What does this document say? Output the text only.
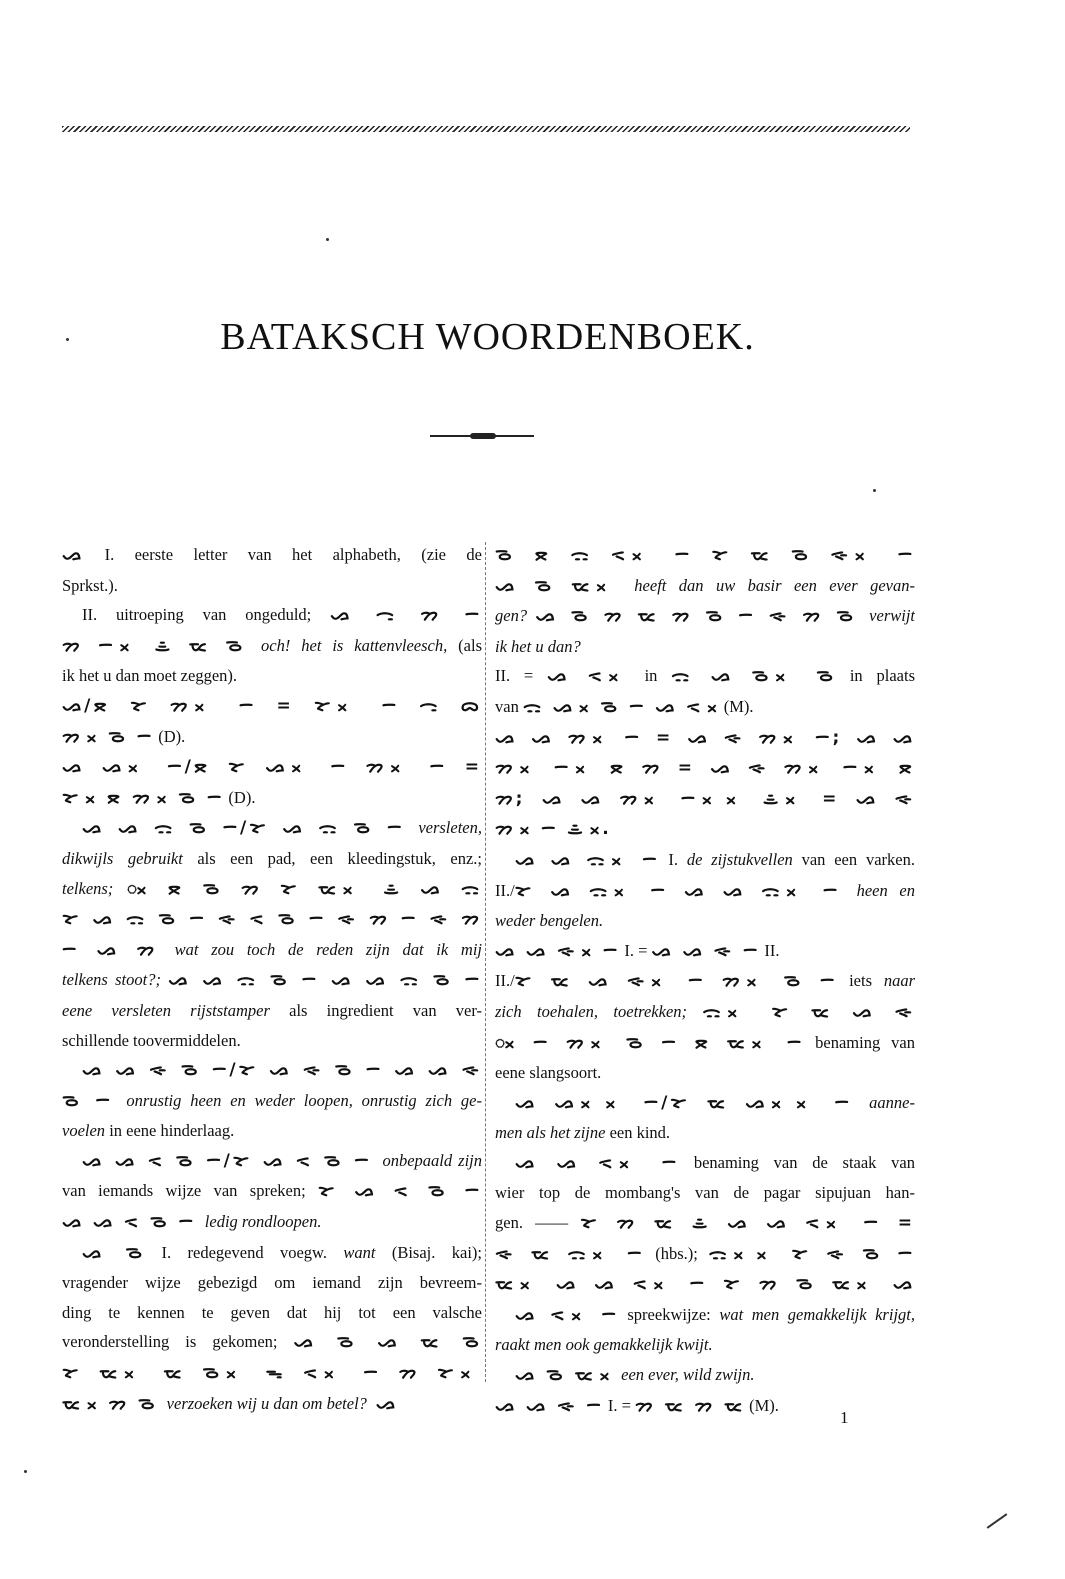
BATAKSCH WOORDENBOEK.
ᯀ I. eerste letter van het alphabeth, (zie de
Sprkst.).
II. uitroeping van ongeduld; ᯀ ᯏ ᯂ ᯇ
ᯂ ᯇ ᯬ ᯥ ᯔ ᯉ och! het is kattenvleesch, (als
ik het u dan moet zeggen).
ᯀ/ᯖ ᯘ ᯂ ᯬ ᯇ = ᯘ ᯬ ᯇ ᯏ ᯅ
ᯂ ᯬ ᯉ ᯇ (D).
ᯀ ᯀ ᯬ ᯇ/ᯖ ᯘ ᯀ ᯬ ᯇ ᯂ ᯬ ᯇ =
ᯘ ᯬ ᯖ ᯂ ᯬ ᯉ ᯇ (D).
ᯀ ᯀ ᯃ ᯉ ᯇ/ᯘ ᯀ ᯃ ᯉ ᯇ versleten,
dikwijls gebruikt als een pad, een kleedingstuk, enz.;
telkens; ᯬ ᯖ ᯉ ᯂ ᯘ ᯔ ᯬ ᯥ ᯀ ᯃ
ᯘ ᯀ ᯃ ᯉ ᯇ ᯐ ᯑ ᯉ ᯇ ᯐ ᯂ ᯇ ᯐ ᯂ
ᯇ ᯀ ᯂ wat zou toch de reden zijn dat ik mij
telkens stoot?; ᯀ ᯀ ᯃ ᯉ ᯇ ᯀ ᯀ ᯃ ᯉ ᯇ
eene versleten rijststamper als ingredient van ver-
schillende toovermiddelen.
ᯀ ᯀ ᯐ ᯉ ᯇ/ᯘ ᯀ ᯐ ᯉ ᯇ ᯀ ᯀ ᯐ
ᯉ ᯇ onrustig heen en weder loopen, onrustig zich ge-
voelen in eene hinderlaag.
ᯀ ᯀ ᯑ ᯉ ᯇ/ᯘ ᯀ ᯑ ᯉ ᯇ onbepaald zijn
van iemands wijze van spreken; ᯘ ᯀ ᯑ ᯉ ᯇ
ᯀ ᯀ ᯑ ᯉ ᯇ ledig rondloopen.
ᯀ ᯉ I. redegevend voegw. want (Bisaj. kai);
vragender wijze gebezigd om iemand zijn bevreem-
ding te kennen te geven dat hij tot een valsche
veronderstelling is gekomen; ᯀ ᯉ ᯀ ᯔ ᯉ
ᯘ ᯔ ᯬ ᯔ ᯉ ᯬ ᯓ ᯑ ᯬ ᯇ ᯂ ᯘ ᯬ
ᯔ ᯬ ᯂ ᯉ verzoeken wij u dan om betel? ᯀ
ᯉ ᯖ ᯃ ᯑ ᯬ ᯇ ᯘ ᯔ ᯉ ᯐ ᯬ ᯇ
ᯀ ᯉ ᯔ ᯬ heeft dan uw basir een ever gevan-
gen? ᯀ ᯉ ᯂ ᯔ ᯂ ᯉ ᯇ ᯐ ᯂ ᯉ verwijt
ik het u dan?
II. = ᯀ ᯑ ᯬ in ᯃ ᯀ ᯉ ᯬ ᯉ in plaats
van ᯃ ᯀ ᯬ ᯉ ᯇ ᯀ ᯑ ᯬ (M).
ᯀ ᯀ ᯂ ᯬ ᯇ = ᯀ ᯐ ᯂ ᯬ ᯇ; ᯀ ᯀ
ᯂ ᯬ ᯇ ᯬ ᯖ ᯂ = ᯀ ᯐ ᯂ ᯬ ᯇ ᯬ ᯖ
ᯂ; ᯀ ᯀ ᯂ ᯬ ᯇ ᯬ ᯬ ᯥ ᯬ = ᯀ ᯐ
ᯂ ᯬ ᯇ ᯥ ᯬ.
ᯀ ᯀ ᯃ ᯬ ᯇ I. de zijstukvellen van een varken.
II./ᯘ ᯀ ᯃ ᯬ ᯇ ᯀ ᯀ ᯃ ᯬ ᯇ heen en
weder bengelen.
ᯀ ᯀ ᯐ ᯬ ᯇ I. = ᯀ ᯀ ᯐ ᯇ II.
II./ᯘ ᯔ ᯀ ᯐ ᯬ ᯇ ᯂ ᯬ ᯉ ᯇ iets naar
zich toehalen, toetrekken; ᯃ ᯬ ᯘ ᯔ ᯀ ᯐ
ᯬ ᯇ ᯂ ᯬ ᯉ ᯇ ᯖ ᯔ ᯬ ᯇ benaming van
eene slangsoort.
ᯀ ᯀ ᯬ ᯬ ᯇ/ᯘ ᯔ ᯀ ᯬ ᯬ ᯇ aanne-
men als het zijne een kind.
ᯀ ᯀ ᯑ ᯬ ᯇ benaming van de staak van
wier top de mombang's van de pagar sipujuan han-
gen. —— ᯘ ᯂ ᯔ ᯥ ᯀ ᯀ ᯑ ᯬ ᯇ =
ᯐ ᯔ ᯃ ᯬ ᯇ (hbs.); ᯃ ᯬ ᯬ ᯘ ᯐ ᯉ ᯇ
ᯔ ᯬ ᯀ ᯀ ᯑ ᯬ ᯇ ᯘ ᯂ ᯉ ᯔ ᯬ ᯀ
ᯀ ᯑ ᯬ ᯇ spreekwijze: wat men gemakkelijk krijgt,
raakt men ook gemakkelijk kwijt.
ᯀ ᯉ ᯔ ᯬ een ever, wild zwijn.
ᯀ ᯀ ᯐ ᯇ I. = ᯂ ᯔ ᯂ ᯔ (M).
1
